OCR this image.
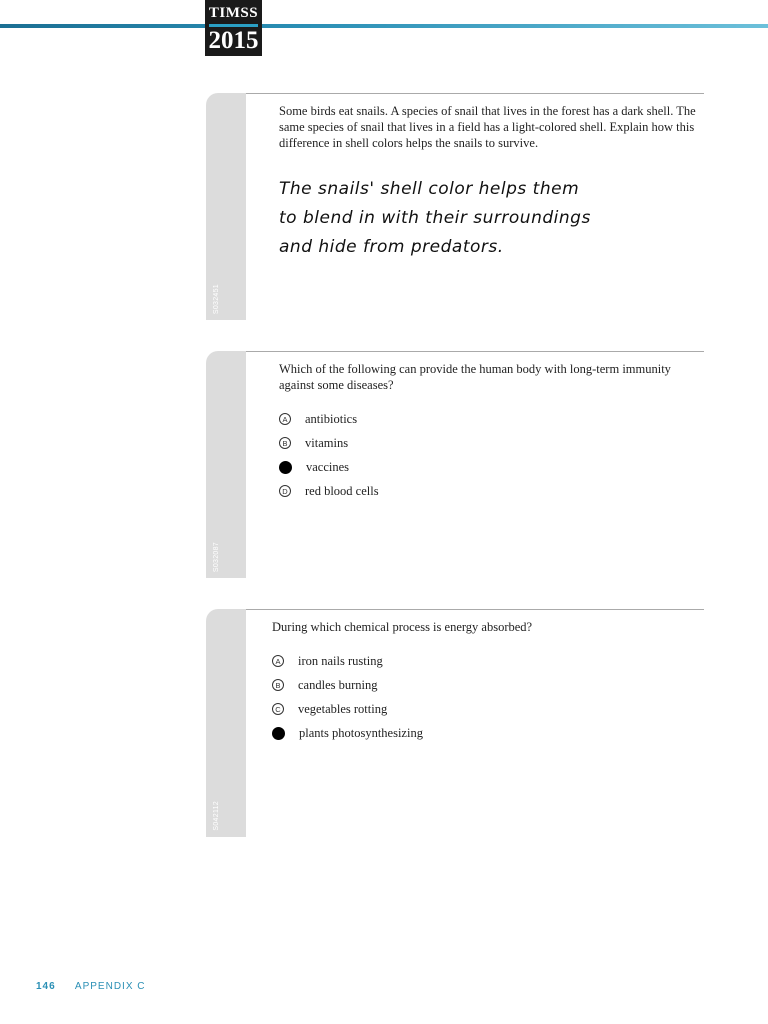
TIMSS
2015
S032451

Some birds eat snails. A species of snail that lives in the forest has a dark shell. The same species of snail that lives in a field has a light-colored shell. Explain how this difference in shell colors helps the snails to survive.

The snails' shell color helps them
to blend in with their surroundings
and hide from predators.
S032087

Which of the following can provide the human body with long-term immunity against some diseases?

A antibiotics
B vitamins
vaccines
D red blood cells
S042112

During which chemical process is energy absorbed?

A iron nails rusting
B candles burning
C vegetables rotting
plants photosynthesizing
146 APPENDIX C
